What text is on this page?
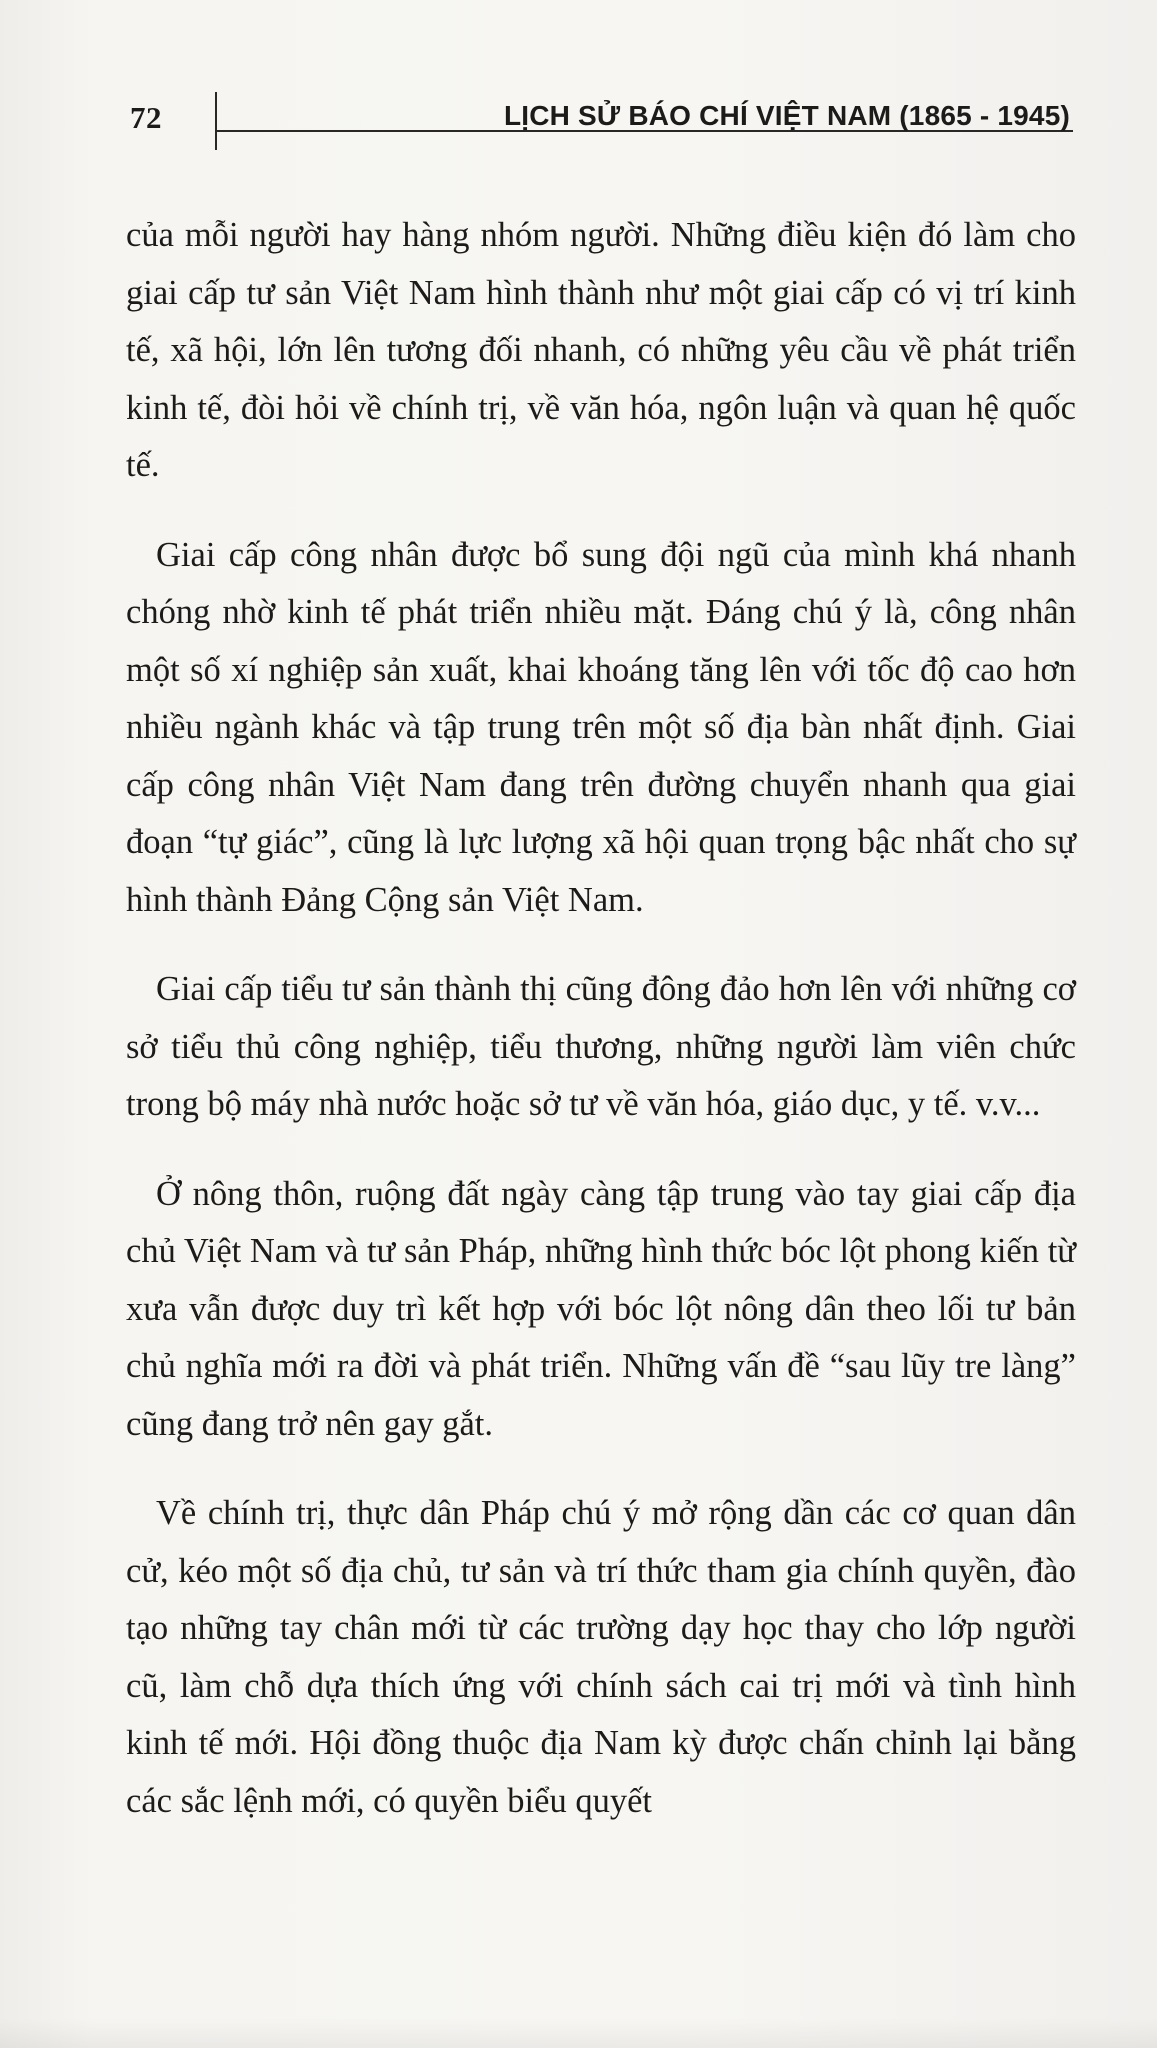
72	LỊCH SỬ BÁO CHÍ VIỆT NAM (1865 - 1945)

của mỗi người hay hàng nhóm người. Những điều kiện đó làm cho giai cấp tư sản Việt Nam hình thành như một giai cấp có vị trí kinh tế, xã hội, lớn lên tương đối nhanh, có những yêu cầu về phát triển kinh tế, đòi hỏi về chính trị, về văn hóa, ngôn luận và quan hệ quốc tế.

Giai cấp công nhân được bổ sung đội ngũ của mình khá nhanh chóng nhờ kinh tế phát triển nhiều mặt. Đáng chú ý là, công nhân một số xí nghiệp sản xuất, khai khoáng tăng lên với tốc độ cao hơn nhiều ngành khác và tập trung trên một số địa bàn nhất định. Giai cấp công nhân Việt Nam đang trên đường chuyển nhanh qua giai đoạn “tự giác”, cũng là lực lượng xã hội quan trọng bậc nhất cho sự hình thành Đảng Cộng sản Việt Nam.

Giai cấp tiểu tư sản thành thị cũng đông đảo hơn lên với những cơ sở tiểu thủ công nghiệp, tiểu thương, những người làm viên chức trong bộ máy nhà nước hoặc sở tư về văn hóa, giáo dục, y tế. v.v...

Ở nông thôn, ruộng đất ngày càng tập trung vào tay giai cấp địa chủ Việt Nam và tư sản Pháp, những hình thức bóc lột phong kiến từ xưa vẫn được duy trì kết hợp với bóc lột nông dân theo lối tư bản chủ nghĩa mới ra đời và phát triển. Những vấn đề “sau lũy tre làng” cũng đang trở nên gay gắt.

Về chính trị, thực dân Pháp chú ý mở rộng dần các cơ quan dân cử, kéo một số địa chủ, tư sản và trí thức tham gia chính quyền, đào tạo những tay chân mới từ các trường dạy học thay cho lớp người cũ, làm chỗ dựa thích ứng với chính sách cai trị mới và tình hình kinh tế mới. Hội đồng thuộc địa Nam kỳ được chấn chỉnh lại bằng các sắc lệnh mới, có quyền biểu quyết
